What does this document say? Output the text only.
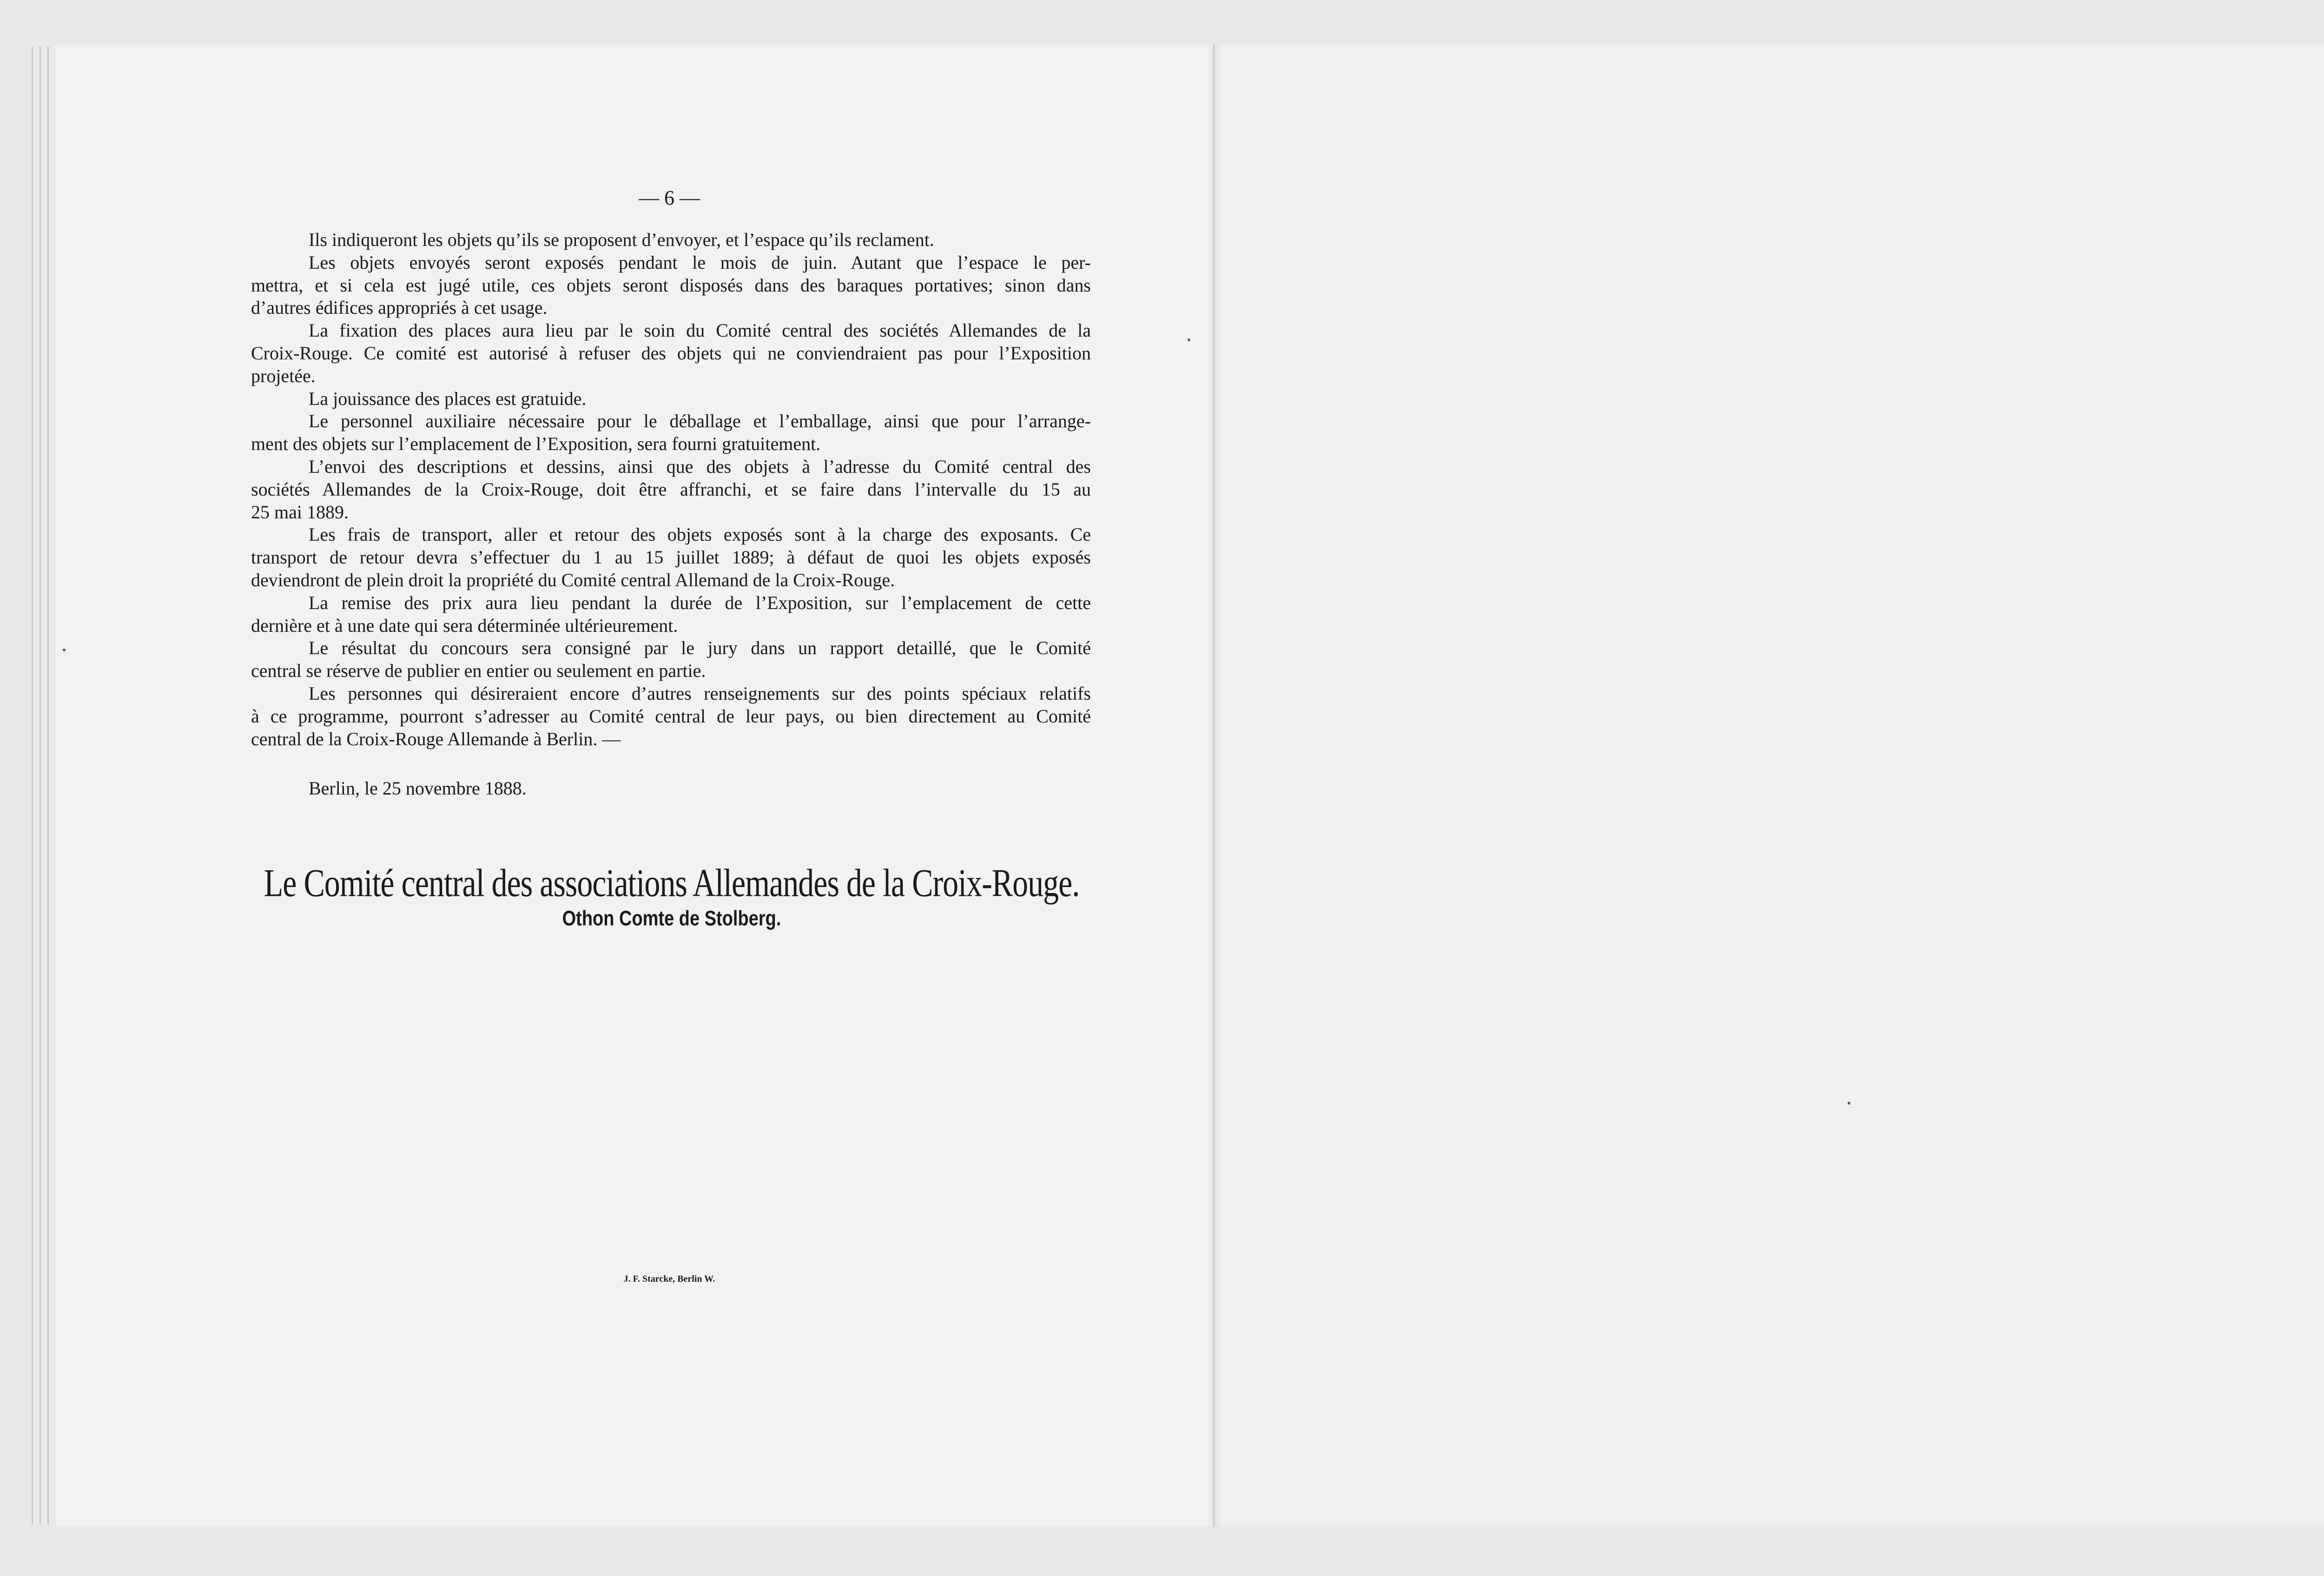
— 6 —
Ils indiqueront les objets qu’ils se proposent d’envoyer, et l’espace qu’ils reclament.
Les objets envoyés seront exposés pendant le mois de juin. Autant que l’espace le per-
mettra, et si cela est jugé utile, ces objets seront disposés dans des baraques portatives; sinon dans
d’autres édifices appropriés à cet usage.
La fixation des places aura lieu par le soin du Comité central des sociétés Allemandes de la
Croix-Rouge. Ce comité est autorisé à refuser des objets qui ne conviendraient pas pour l’Exposition
projetée.
La jouissance des places est gratuide.
Le personnel auxiliaire nécessaire pour le déballage et l’emballage, ainsi que pour l’arrange-
ment des objets sur l’emplacement de l’Exposition, sera fourni gratuitement.
L’envoi des descriptions et dessins, ainsi que des objets à l’adresse du Comité central des
sociétés Allemandes de la Croix-Rouge, doit être affranchi, et se faire dans l’intervalle du 15 au
25 mai 1889.
Les frais de transport, aller et retour des objets exposés sont à la charge des exposants. Ce
transport de retour devra s’effectuer du 1 au 15 juillet 1889; à défaut de quoi les objets exposés
deviendront de plein droit la propriété du Comité central Allemand de la Croix-Rouge.
La remise des prix aura lieu pendant la durée de l’Exposition, sur l’emplacement de cette
dernière et à une date qui sera déterminée ultérieurement.
Le résultat du concours sera consigné par le jury dans un rapport detaillé, que le Comité
central se réserve de publier en entier ou seulement en partie.
Les personnes qui désireraient encore d’autres renseignements sur des points spéciaux relatifs
à ce programme, pourront s’adresser au Comité central de leur pays, ou bien directement au Comité
central de la Croix-Rouge Allemande à Berlin. —
Berlin, le 25 novembre 1888.
Le Comité central des associations Allemandes de la Croix-Rouge.
Othon Comte de Stolberg.
J. F. Starcke, Berlin W.
